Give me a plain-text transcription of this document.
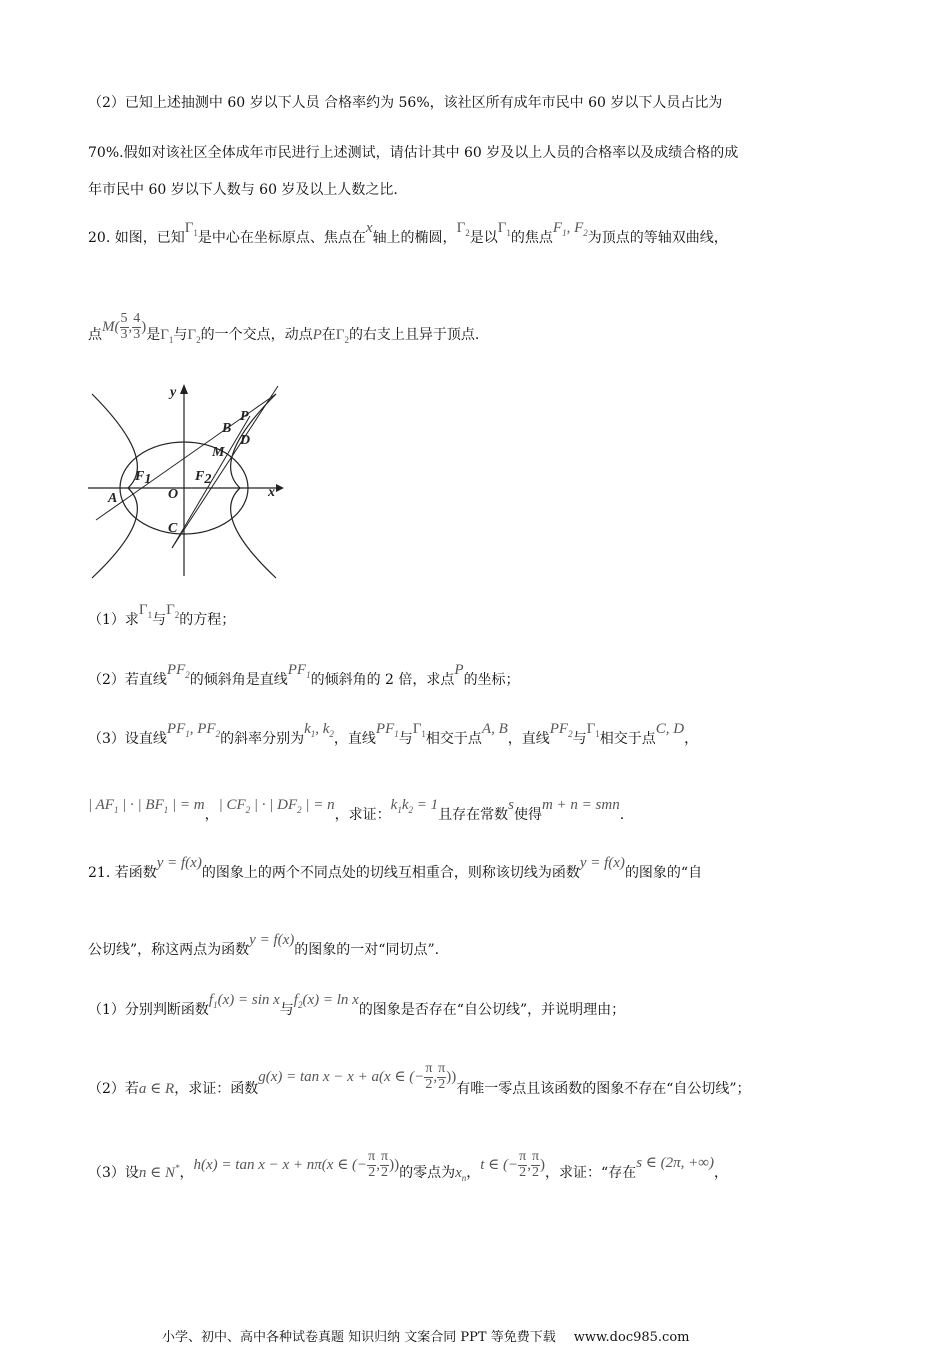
（2）已知上述抽测中 60 岁以下人员 合格率约为 56%，该社区所有成年市民中 60 岁以下人员占比为
70%.假如对该社区全体成年市民进行上述测试，请估计其中 60 岁及以上人员的合格率以及成绩合格的成
年市民中 60 岁以下人数与 60 岁及以上人数之比.
20. 如图，已知$\Gamma_1$是中心在坐标原点、焦点在x轴上的椭圆，$\Gamma_2$是以$\Gamma_1$的焦点$F_1$, $F_2$为顶点的等轴双曲线，
点$M( \frac{5}{3}$ , $\frac{4}{3}$ )是$\Gamma_1$与$\Gamma_2$的一个交点，动点P在$\Gamma_2$的右支上且异于顶点.
y
x
O
F1	F2
A
B
C
D
M
P
（1）求$\Gamma_1$与$\Gamma_2$的方程；
（2）若直线$PF_2$的倾斜角是直线$PF_1$的倾斜角的 2 倍，求点P的坐标；
（3）设直线$PF_1$, $PF_2$的斜率分别为$k_1$, $k_2$，直线$PF_1$与$\Gamma_1$相交于点A, B，直线$PF_2$与$\Gamma_1$相交于点C, D，
| $AF_1$ | · | $BF_1$ | = m，| $CF_2$ | · | $DF_2$ | = n，求证：$k_1k_2 = 1$且存在常数s使得m + n = smn.
21. 若函数y = f(x)的图象上的两个不同点处的切线互相重合，则称该切线为函数y = f(x)的图象的“自
公切线”，称这两点为函数y = f(x)的图象的一对“同切点”.
（1）分别判断函数$f_1(x) = \sin x$与$f_2(x) = \ln x$的图象是否存在“自公切线”，并说明理由；
（2）若a ∈ R，求证：函数g(x) = tan x − x + a(x ∈ (− $\frac{\pi}{2}$ , $\frac{\pi}{2}$ ))有唯一零点且该函数的图象不存在“自公切线”；
（3）设n ∈ N*，h(x) = tan x − x + nπ(x ∈ (− $\frac{\pi}{2}$ , $\frac{\pi}{2}$ ))的零点为$x_n$，t ∈ (− $\frac{\pi}{2}$ , $\frac{\pi}{2}$ )，求证：“存在s ∈ (2π, +∞)，
小学、初中、高中各种试卷真题 知识归纳 文案合同 PPT 等免费下载 www.doc985.com
